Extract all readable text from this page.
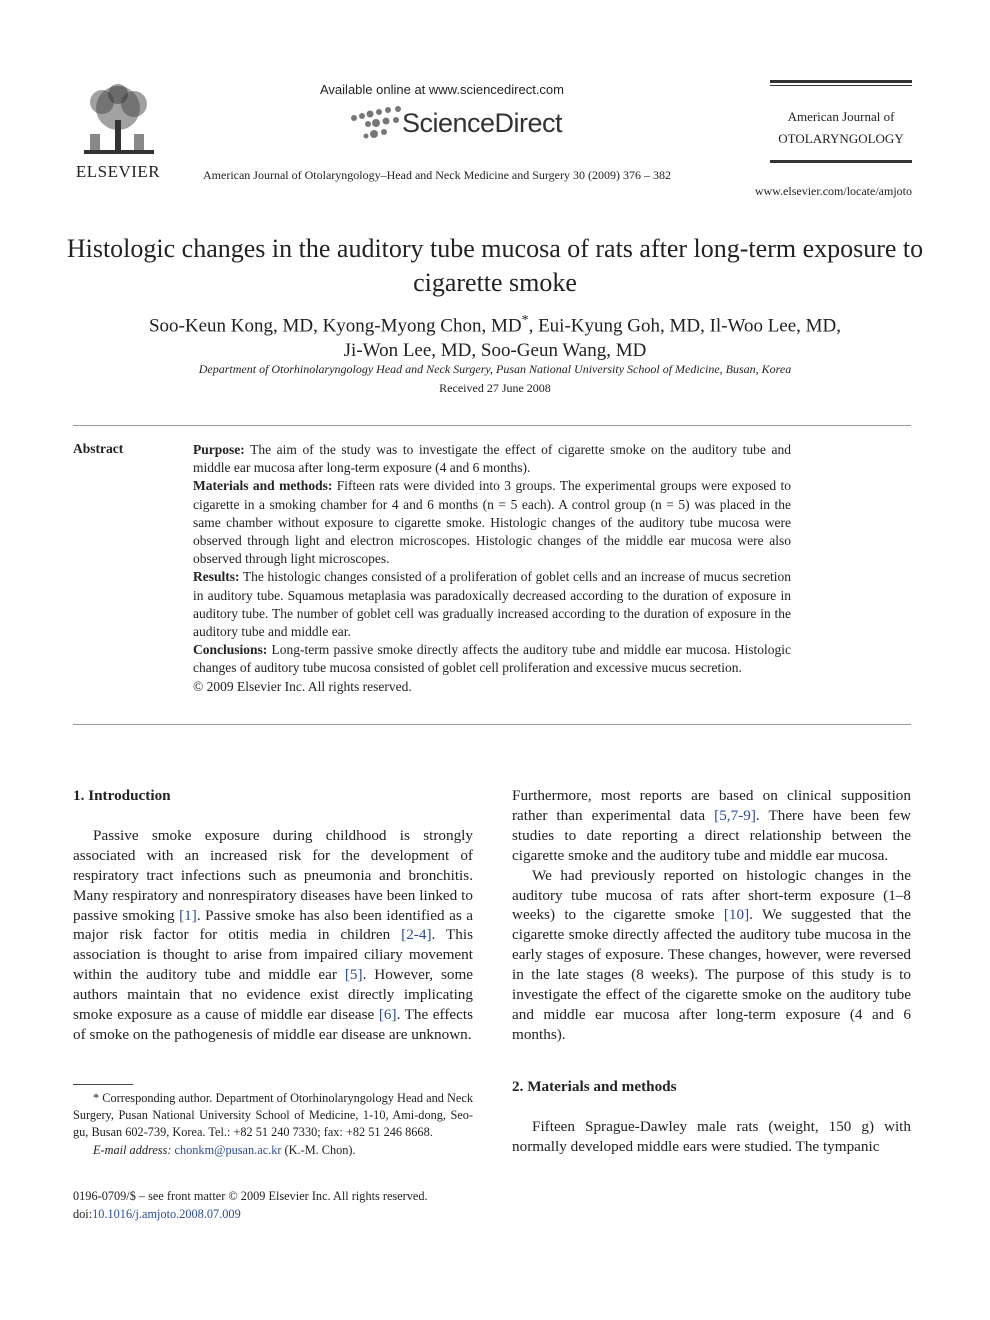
ELSEVIER
Available online at www.sciencedirect.com
ScienceDirect
American Journal of Otolaryngology–Head and Neck Medicine and Surgery 30 (2009) 376 – 382
American Journal of
OTOLARYNGOLOGY
www.elsevier.com/locate/amjoto
Histologic changes in the auditory tube mucosa of rats after long-term exposure to cigarette smoke
Soo-Keun Kong, MD, Kyong-Myong Chon, MD*, Eui-Kyung Goh, MD, Il-Woo Lee, MD,
Ji-Won Lee, MD, Soo-Geun Wang, MD
Department of Otorhinolaryngology Head and Neck Surgery, Pusan National University School of Medicine, Busan, Korea
Received 27 June 2008
Abstract	Purpose: The aim of the study was to investigate the effect of cigarette smoke on the auditory tube and middle ear mucosa after long-term exposure (4 and 6 months).

Materials and methods: Fifteen rats were divided into 3 groups. The experimental groups were exposed to cigarette in a smoking chamber for 4 and 6 months (n = 5 each). A control group (n = 5) was placed in the same chamber without exposure to cigarette smoke. Histologic changes of the auditory tube mucosa were observed through light and electron microscopes. Histologic changes of the middle ear mucosa were also observed through light microscopes.

Results: The histologic changes consisted of a proliferation of goblet cells and an increase of mucus secretion in auditory tube. Squamous metaplasia was paradoxically decreased according to the duration of exposure in auditory tube. The number of goblet cell was gradually increased according to the duration of exposure in the auditory tube and middle ear.

Conclusions: Long-term passive smoke directly affects the auditory tube and middle ear mucosa. Histologic changes of auditory tube mucosa consisted of goblet cell proliferation and excessive mucus secretion.

© 2009 Elsevier Inc. All rights reserved.

1. Introduction

Passive smoke exposure during childhood is strongly associated with an increased risk for the development of respiratory tract infections such as pneumonia and bronchitis. Many respiratory and nonrespiratory diseases have been linked to passive smoking [1]. Passive smoke has also been identified as a major risk factor for otitis media in children [2-4]. This association is thought to arise from impaired ciliary movement within the auditory tube and middle ear [5]. However, some authors maintain that no evidence exist directly implicating smoke exposure as a cause of middle ear disease [6]. The effects of smoke on the pathogenesis of middle ear disease are unknown.

* Corresponding author. Department of Otorhinolaryngology Head and Neck Surgery, Pusan National University School of Medicine, 1-10, Ami-dong, Seo-gu, Busan 602-739, Korea. Tel.: +82 51 240 7330; fax: +82 51 246 8668.

E-mail address: chonkm@pusan.ac.kr (K.-M. Chon).

0196-0709/$ – see front matter © 2009 Elsevier Inc. All rights reserved.
doi:10.1016/j.amjoto.2008.07.009

Furthermore, most reports are based on clinical supposition rather than experimental data [5,7-9]. There have been few studies to date reporting a direct relationship between the cigarette smoke and the auditory tube and middle ear mucosa.

We had previously reported on histologic changes in the auditory tube mucosa of rats after short-term exposure (1–8 weeks) to the cigarette smoke [10]. We suggested that the cigarette smoke directly affected the auditory tube mucosa in the early stages of exposure. These changes, however, were reversed in the late stages (8 weeks). The purpose of this study is to investigate the effect of the cigarette smoke on the auditory tube and middle ear mucosa after long-term exposure (4 and 6 months).

2. Materials and methods

Fifteen Sprague-Dawley male rats (weight, 150 g) with normally developed middle ears were studied. The tympanic
